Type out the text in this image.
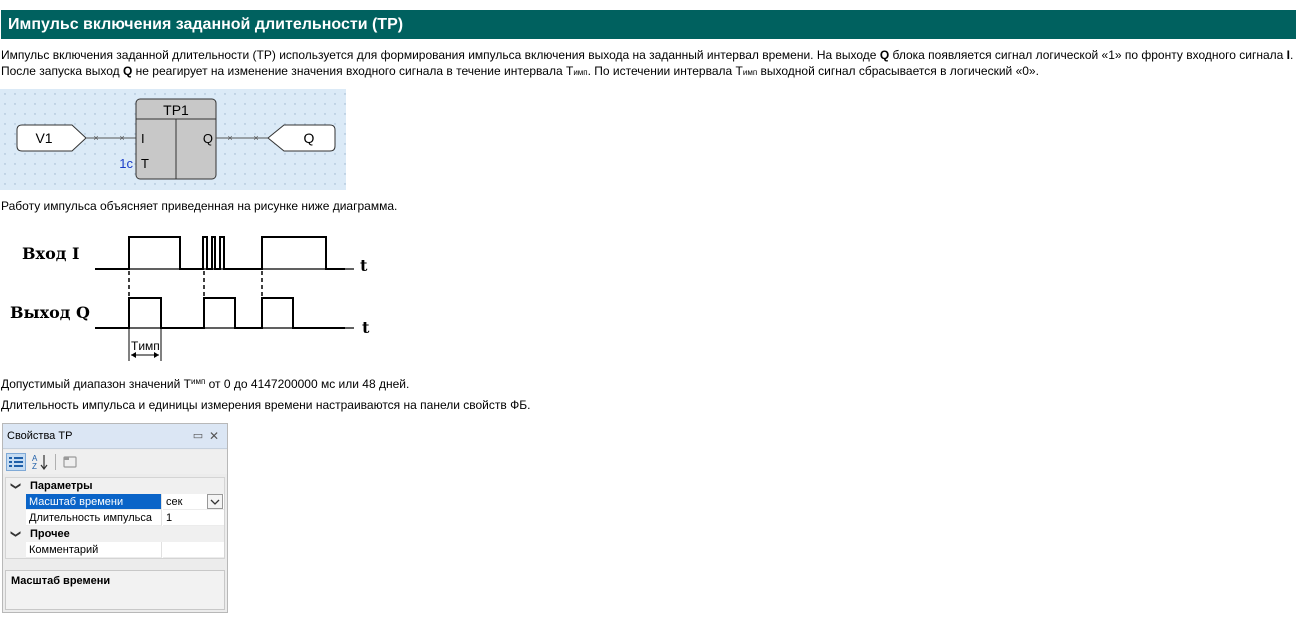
Импульс включения заданной длительности (TP)

Импульс включения заданной длительности (TP) используется для формирования импульса включения выхода на заданный интервал времени. На выходе Q блока появляется сигнал логической «1» по фронту входного сигнала I. После запуска выход Q не реагирует на изменение значения входного сигнала в течение интервала Tимп. По истечении интервала Tимп выходной сигнал сбрасывается в логический «0».

V1	× ×
TP1
I
T
Q
1c
× ×	Q

Работу импульса объясняет приведенная на рисунке ниже диаграмма.

Вход I
Выход Q
t
t
Tимп

Допустимый диапазон значений $T^{имп}$ от 0 до 4147200000 мс или 48 дней.

Длительность импульса и единицы измерения времени настраиваются на панели свойств ФБ.

Свойства TP	▭ ✕
A
Z
❯ Параметры
Масштаб времени	сек
Длительность импульса	1
❯ Прочее
Комментарий
Масштаб времени
